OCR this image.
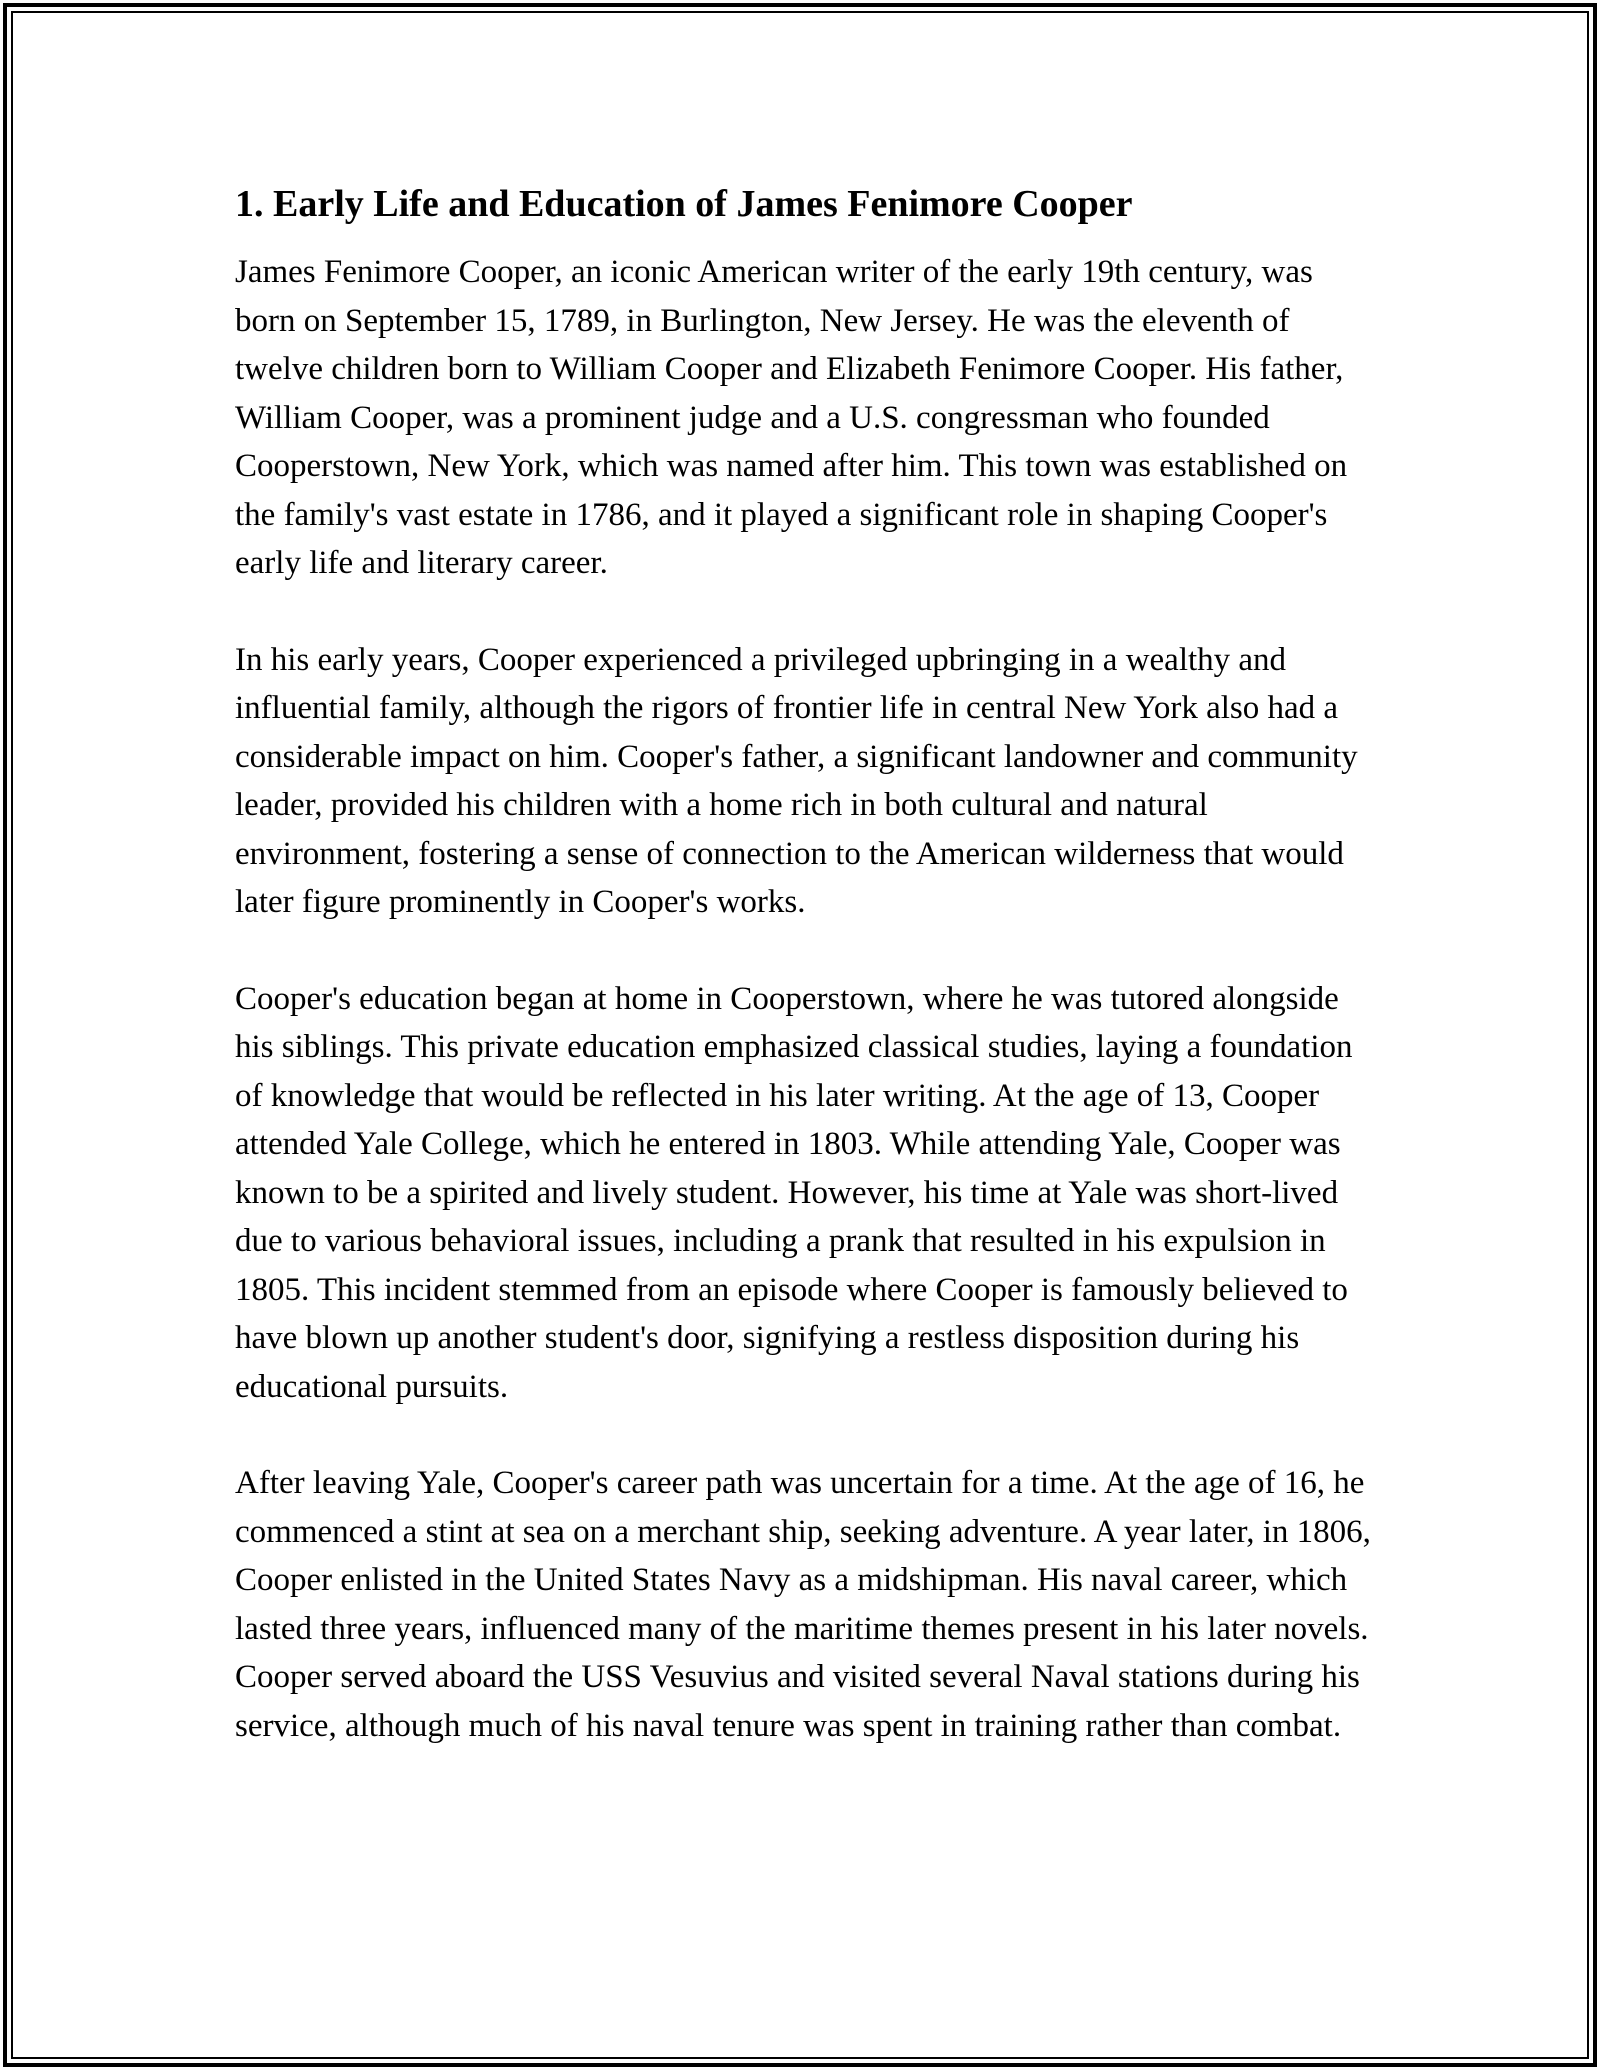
1. Early Life and Education of James Fenimore Cooper

James Fenimore Cooper, an iconic American writer of the early 19th century, was born on September 15, 1789, in Burlington, New Jersey. He was the eleventh of twelve children born to William Cooper and Elizabeth Fenimore Cooper. His father, William Cooper, was a prominent judge and a U.S. congressman who founded Cooperstown, New York, which was named after him. This town was established on the family's vast estate in 1786, and it played a significant role in shaping Cooper's early life and literary career.

In his early years, Cooper experienced a privileged upbringing in a wealthy and influential family, although the rigors of frontier life in central New York also had a considerable impact on him. Cooper's father, a significant landowner and community leader, provided his children with a home rich in both cultural and natural environment, fostering a sense of connection to the American wilderness that would later figure prominently in Cooper's works.

Cooper's education began at home in Cooperstown, where he was tutored alongside his siblings. This private education emphasized classical studies, laying a foundation of knowledge that would be reflected in his later writing. At the age of 13, Cooper attended Yale College, which he entered in 1803. While attending Yale, Cooper was known to be a spirited and lively student. However, his time at Yale was short-lived due to various behavioral issues, including a prank that resulted in his expulsion in 1805. This incident stemmed from an episode where Cooper is famously believed to have blown up another student's door, signifying a restless disposition during his educational pursuits.

After leaving Yale, Cooper's career path was uncertain for a time. At the age of 16, he commenced a stint at sea on a merchant ship, seeking adventure. A year later, in 1806, Cooper enlisted in the United States Navy as a midshipman. His naval career, which lasted three years, influenced many of the maritime themes present in his later novels. Cooper served aboard the USS Vesuvius and visited several Naval stations during his service, although much of his naval tenure was spent in training rather than combat.
